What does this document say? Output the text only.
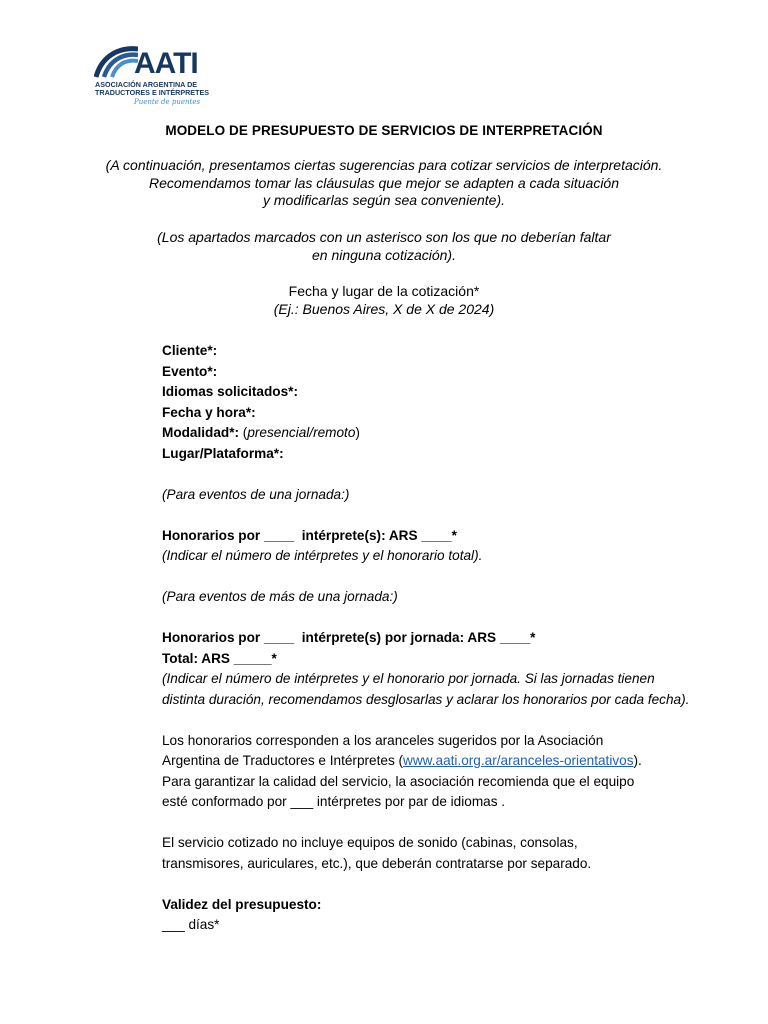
AATI
ASOCIACIÓN ARGENTINA DE
TRADUCTORES E INTÉRPRETES
Puente de puentes
MODELO DE PRESUPUESTO DE SERVICIOS DE INTERPRETACIÓN
(A continuación, presentamos ciertas sugerencias para cotizar servicios de interpretación.
Recomendamos tomar las cláusulas que mejor se adapten a cada situación
y modificarlas según sea conveniente).
(Los apartados marcados con un asterisco son los que no deberían faltar
en ninguna cotización).
Fecha y lugar de la cotización*
(Ej.: Buenos Aires, X de X de 2024)
Cliente*:
Evento*:
Idiomas solicitados*:
Fecha y hora*:
Modalidad*: (presencial/remoto)
Lugar/Plataforma*:
(Para eventos de una jornada:)
Honorarios por ____  intérprete(s): ARS ____*
(Indicar el número de intérpretes y el honorario total).
(Para eventos de más de una jornada:)
Honorarios por ____  intérprete(s) por jornada: ARS ____*
Total: ARS _____*
(Indicar el número de intérpretes y el honorario por jornada. Si las jornadas tienen
distinta duración, recomendamos desglosarlas y aclarar los honorarios por cada fecha).
Los honorarios corresponden a los aranceles sugeridos por la Asociación
Argentina de Traductores e Intérpretes (www.aati.org.ar/aranceles-orientativos).
Para garantizar la calidad del servicio, la asociación recomienda que el equipo
esté conformado por ___ intérpretes por par de idiomas .
El servicio cotizado no incluye equipos de sonido (cabinas, consolas,
transmisores, auriculares, etc.), que deberán contratarse por separado.
Validez del presupuesto:
___ días*
